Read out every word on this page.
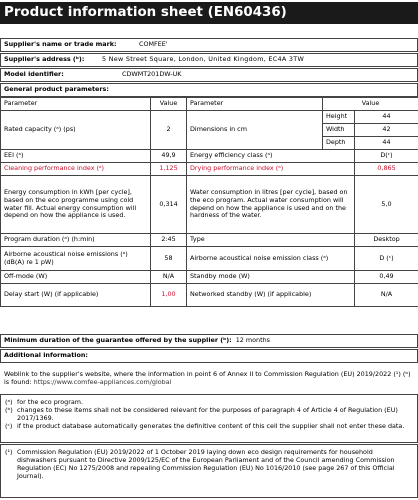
Product information sheet (EN60436)
Supplier's name or trade mark:	COMFEE'
Supplier's address (ᵇ):	5 New Street Square, London, United Kingdom, EC4A 3TW
Model identifier:	CDWMT201DW-UK
General product parameters:
Parameter	Value	Parameter	Value	
Rated capacity (ᵃ) (ps)	2	Dimensions in cm	Height	44
			Width	42
			Depth	44
EEI (ᵃ)	49,9	Energy efficiency class (ᵃ)		D(ᶜ)
Cleaning performance index (ᵃ)	1,125	Drying performance index (ᵃ)		0,865
Energy consumption in kWh [per cycle], based on the eco programme using cold water fill. Actual energy consumption will depend on how the appliance is used.	0,314	Water consumption in litres [per cycle], based on the eco program. Actual water consumption will depend on how the appliance is used and on the hardness of the water.		5,0
Program duration (ᵃ) (h:min)	2:45	Type		Desktop
Airborne acoustical noise emissions (ᵃ) (dB(A) re 1 pW)	58	Airborne acoustical noise emission class (ᵃ)		D (ᶜ)
Off-mode (W)	N/A	Standby mode (W)		0,49
Delay start (W) (if applicable)	1,00	Networked standby (W) (if applicable)		N/A
Minimum duration of the guarantee offered by the supplier (ᵇ): 12 months
Additional information:
Weblink to the supplier's website, where the information in point 6 of Annex II to Commission Regulation (EU) 2019/2022 (¹) (ᵇ) is found: https://www.comfee-appliances.com/global
(ᵃ) for the eco program.
(ᵇ) changes to these items shall not be considered relevant for the purposes of paragraph 4 of Article 4 of Regulation (EU) 2017/1369.
(ᶜ) if the product database automatically generates the definitive content of this cell the supplier shall not enter these data.
(¹) Commission Regulation (EU) 2019/2022 of 1 October 2019 laying down eco design requirements for household dishwashers pursuant to Directive 2009/125/EC of the European Parliament and of the Council amending Commission Regulation (EC) No 1275/2008 and repealing Commission Regulation (EU) No 1016/2010 (see page 267 of this Official Journal).
